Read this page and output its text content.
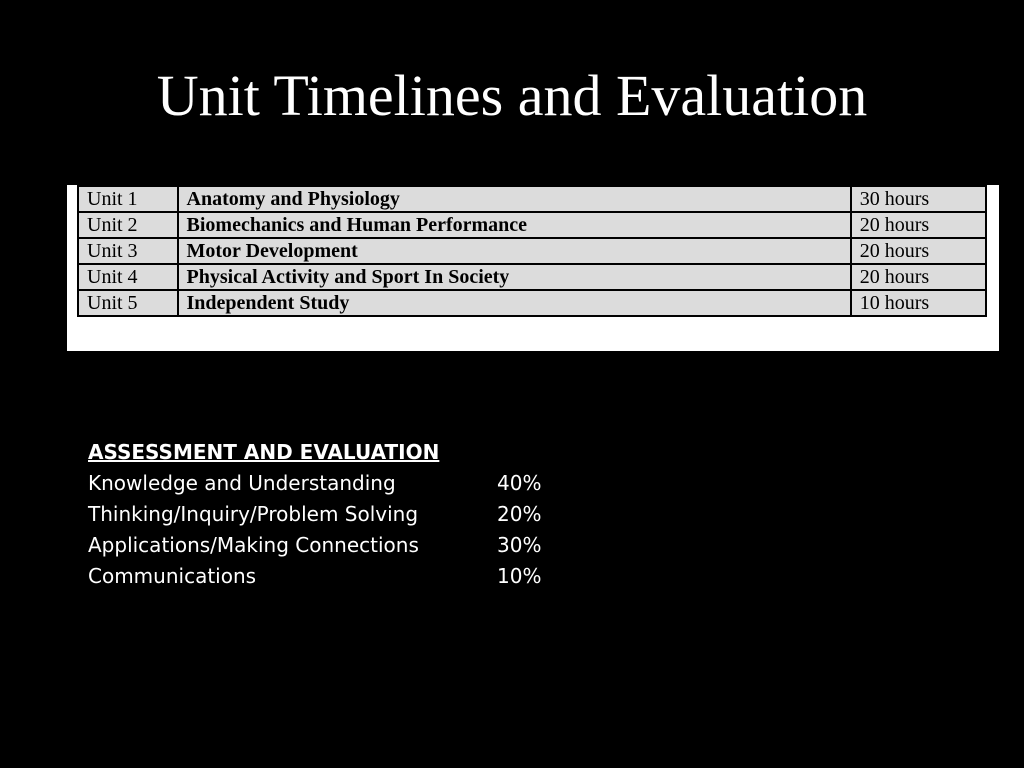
Unit Timelines and Evaluation
Unit 1	Anatomy and Physiology	30 hours
Unit 2	Biomechanics and Human Performance	20 hours
Unit 3	Motor Development	20 hours
Unit 4	Physical Activity and Sport In Society	20 hours
Unit 5	Independent Study	10 hours
ASSESSMENT AND EVALUATION
Knowledge and Understanding	40%
Thinking/Inquiry/Problem Solving	20%
Applications/Making Connections	30%
Communications	10%
